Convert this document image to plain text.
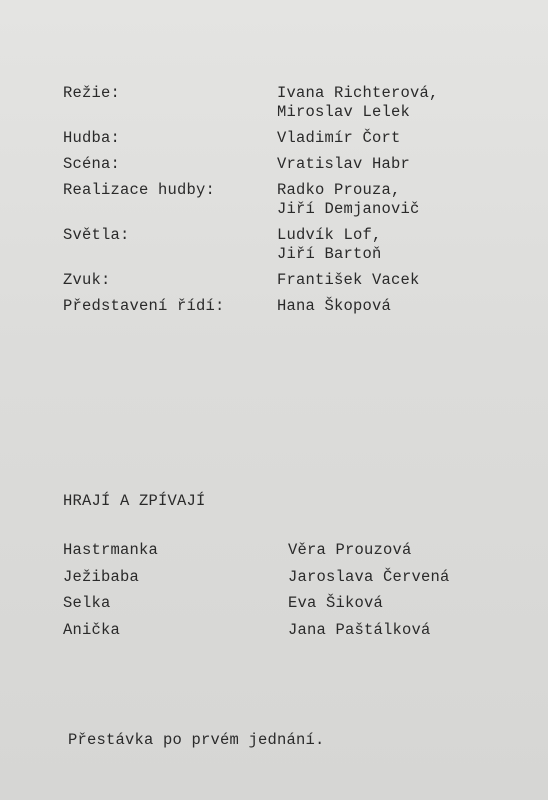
Režie:	Ivana Richterová,
Miroslav Lelek
Hudba:	Vladimír Čort
Scéna:	Vratislav Habr
Realizace hudby:	Radko Prouza,
Jiří Demjanovič
Světla:	Ludvík Lof,
Jiří Bartoň
Zvuk:	František Vacek
Představení řídí:	Hana Škopová
HRAJÍ A ZPÍVAJÍ
Hastrmanka	Věra Prouzová
Ježibaba	Jaroslava Červená
Selka	Eva Šiková
Anička	Jana Paštálková
Přestávka po prvém jednání.
